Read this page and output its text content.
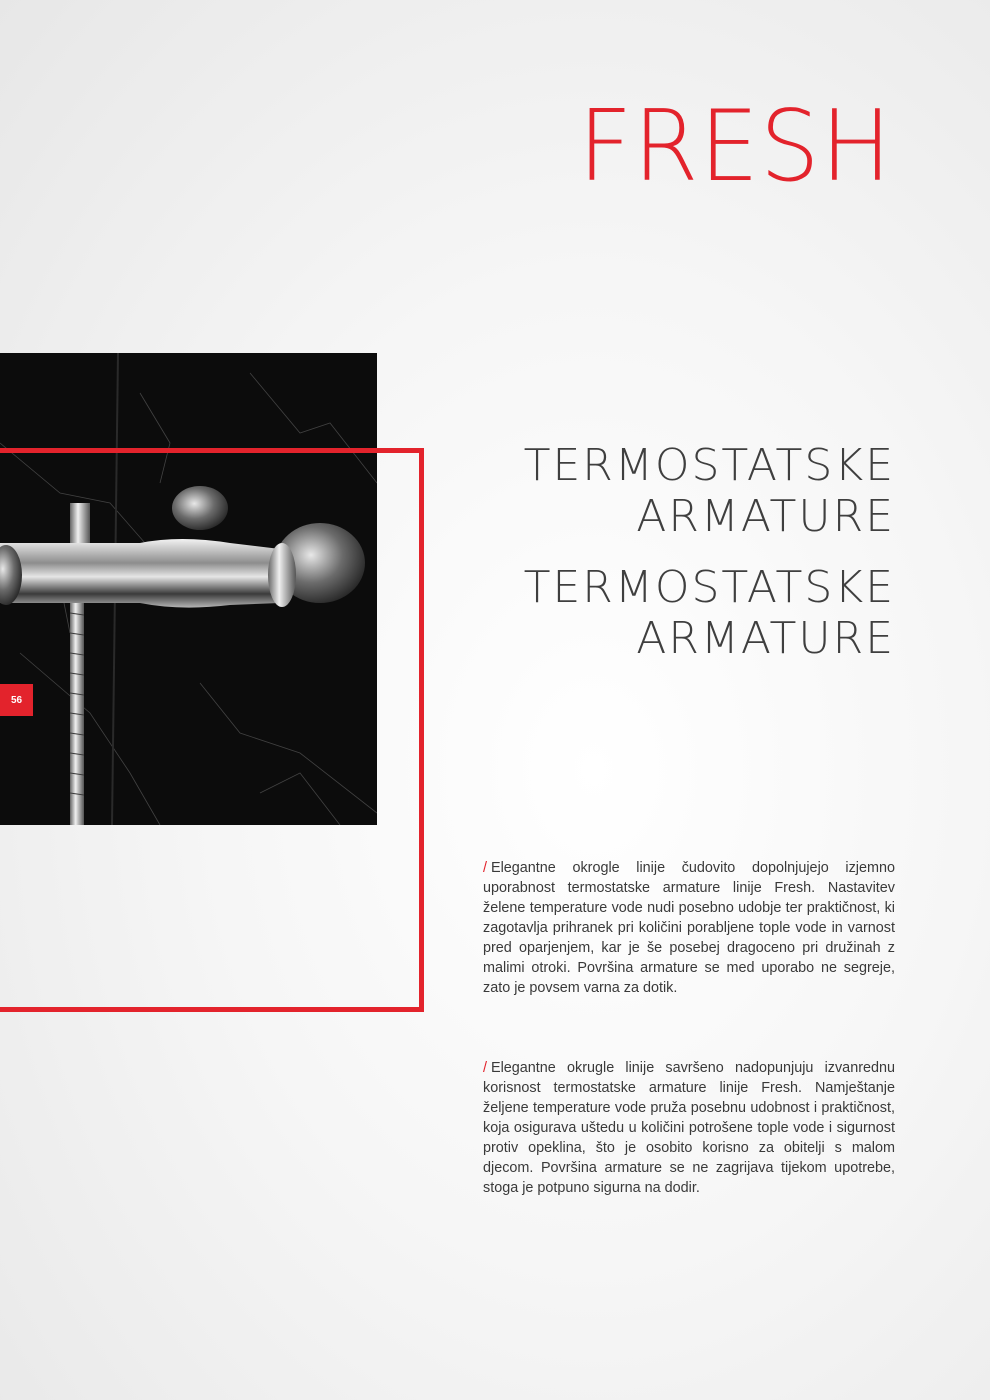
FRESH
56
TERMOSTATSKE
ARMATURE
TERMOSTATSKE
ARMATURE
/ Elegantne okrogle linije čudovito dopolnjujejo izjemno uporabnost termostatske armature linije Fresh. Nastavitev želene temperature vode nudi posebno udobje ter praktičnost, ki zagotavlja prihranek pri količini porabljene tople vode in varnost pred oparjenjem, kar je še posebej dragoceno pri družinah z malimi otroki. Površina armature se med uporabo ne segreje, zato je povsem varna za dotik.
/ Elegantne okrugle linije savršeno nadopunjuju izvanrednu korisnost termostatske armature linije Fresh. Namještanje željene temperature vode pruža posebnu udobnost i praktičnost, koja osigurava uštedu u količini potrošene tople vode i sigurnost protiv opeklina, što je osobito korisno za obitelji s malom djecom. Površina armature se ne zagrijava tijekom upotrebe, stoga je potpuno sigurna na dodir.
